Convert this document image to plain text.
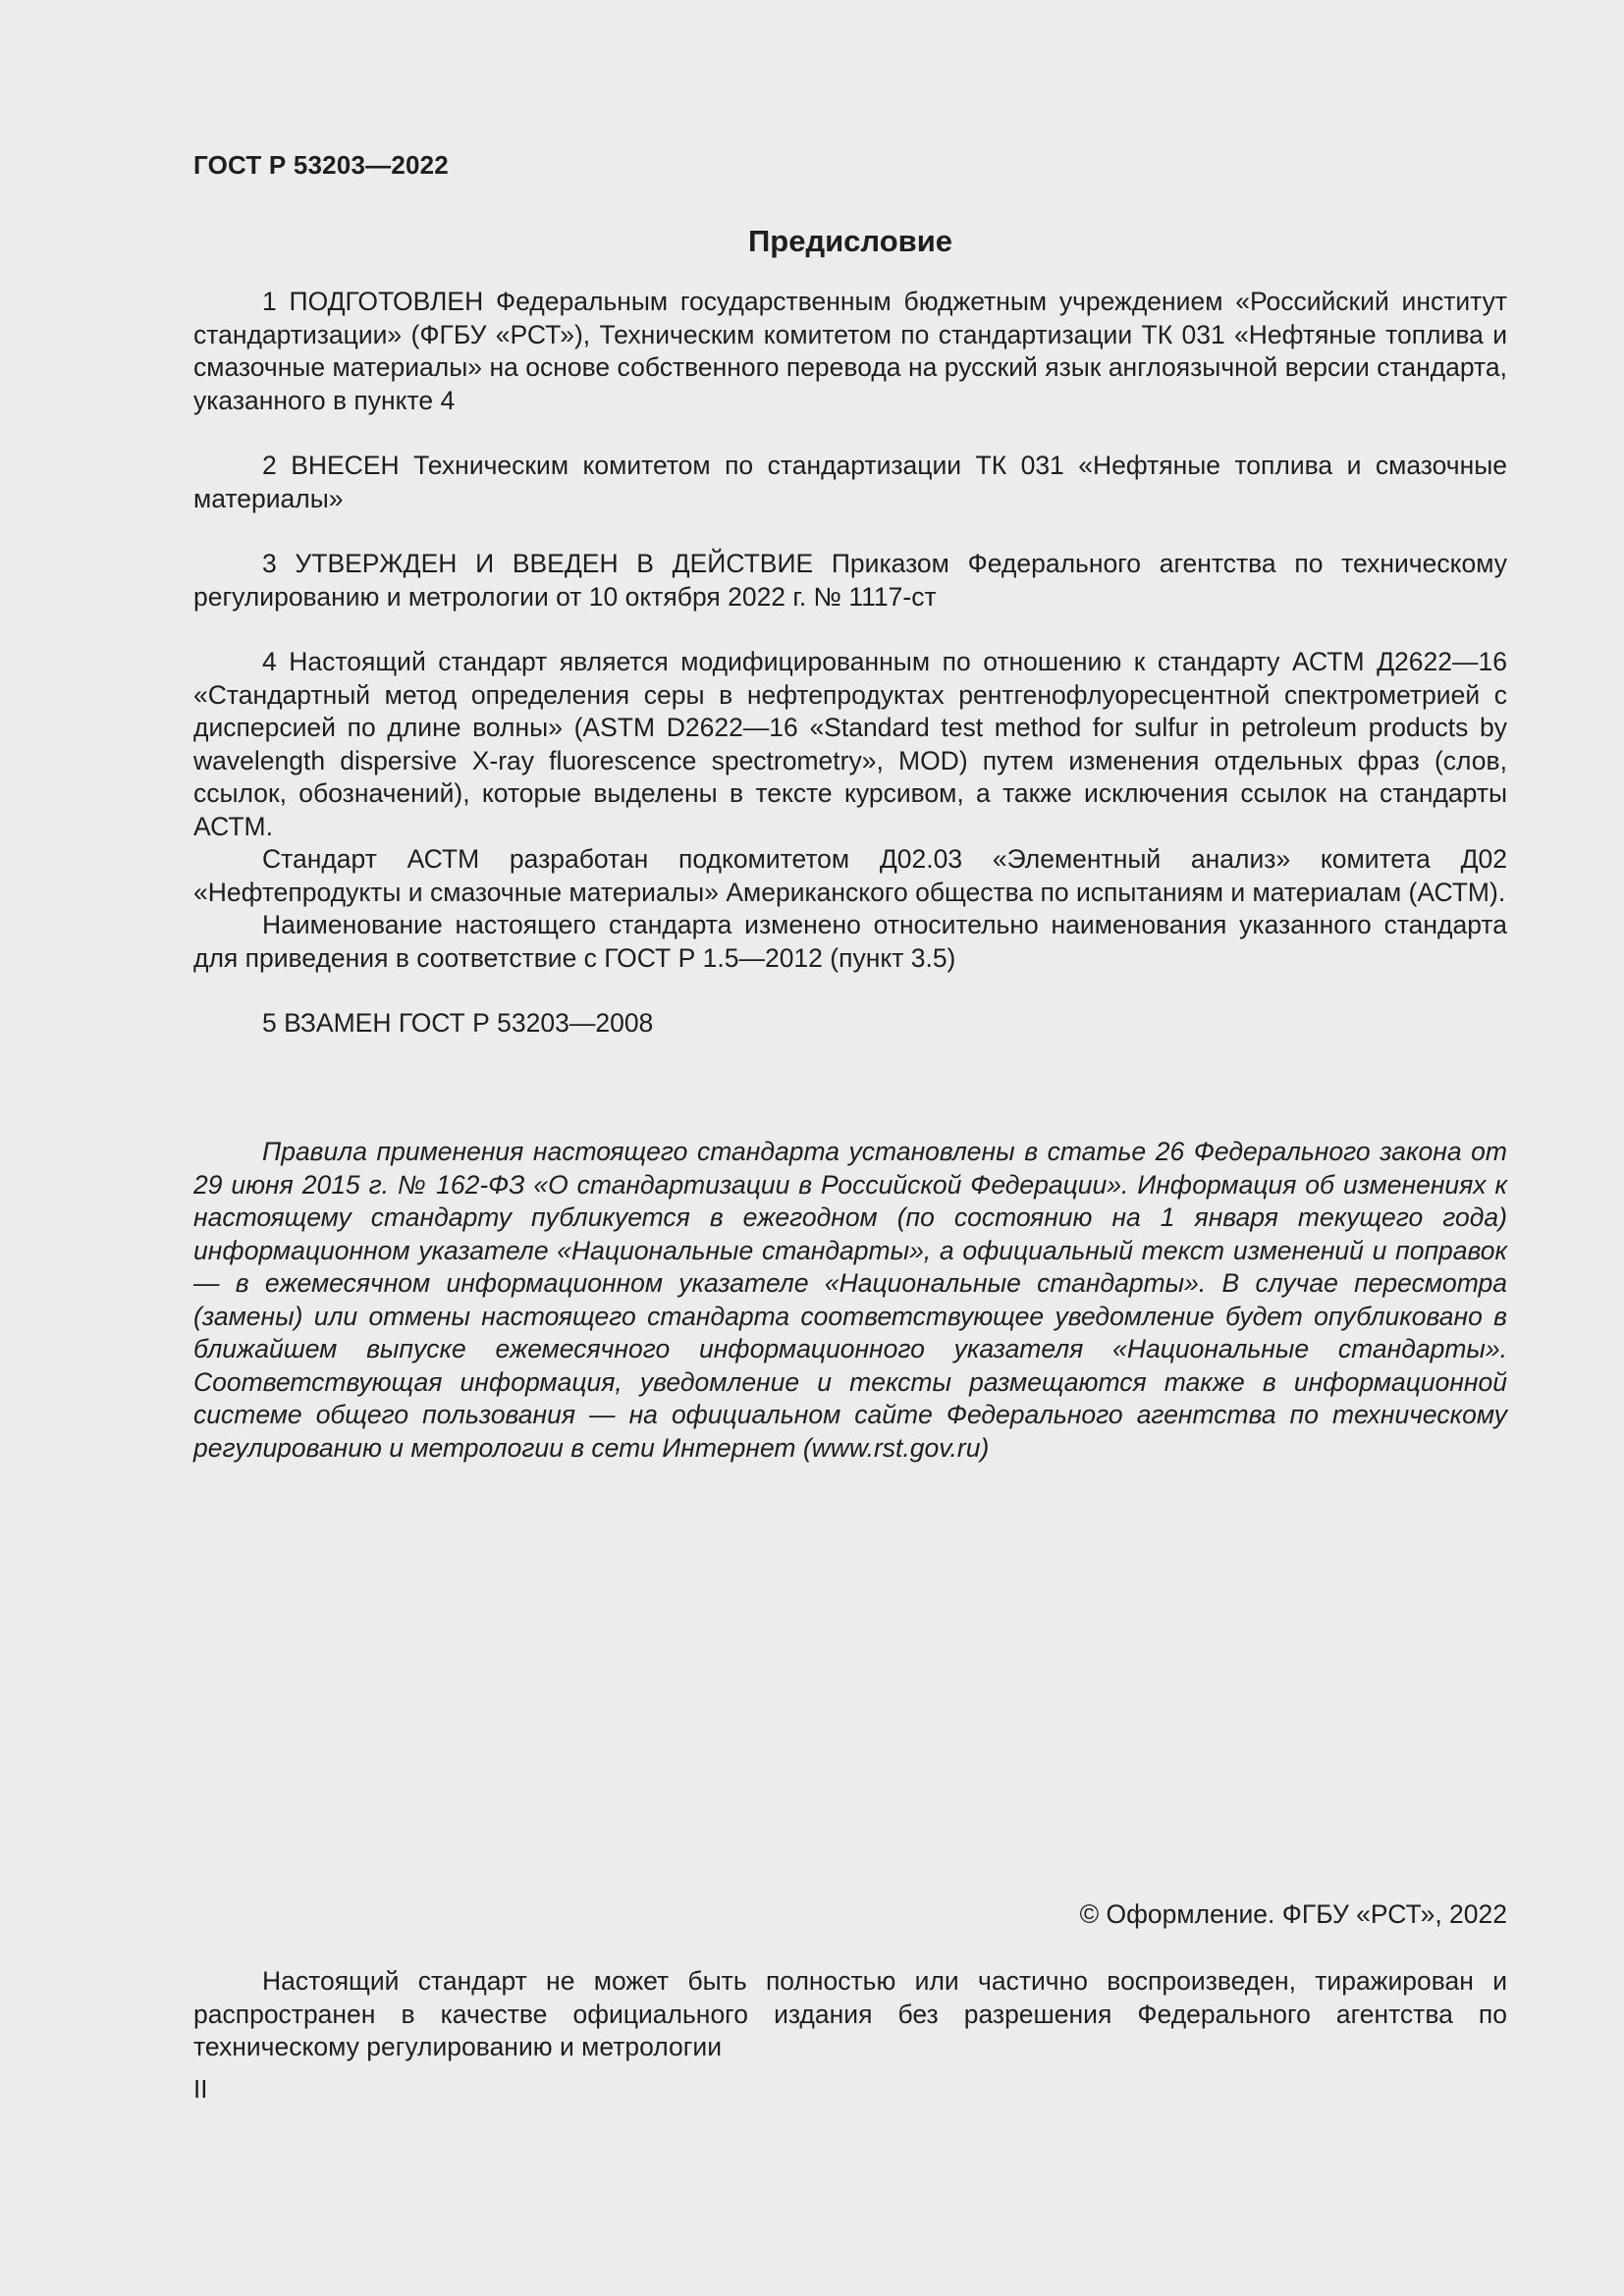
ГОСТ Р 53203—2022
Предисловие

1 ПОДГОТОВЛЕН Федеральным государственным бюджетным учреждением «Российский институт стандартизации» (ФГБУ «РСТ»), Техническим комитетом по стандартизации ТК 031 «Нефтяные топлива и смазочные материалы» на основе собственного перевода на русский язык англоязычной версии стандарта, указанного в пункте 4

2 ВНЕСЕН Техническим комитетом по стандартизации ТК 031 «Нефтяные топлива и смазочные материалы»

3 УТВЕРЖДЕН И ВВЕДЕН В ДЕЙСТВИЕ Приказом Федерального агентства по техническому регулированию и метрологии от 10 октября 2022 г. № 1117-ст

4 Настоящий стандарт является модифицированным по отношению к стандарту АСТМ Д2622—16 «Стандартный метод определения серы в нефтепродуктах рентгенофлуоресцентной спектрометрией с дисперсией по длине волны» (ASTM D2622—16 «Standard test method for sulfur in petroleum products by wavelength dispersive X-ray fluorescence spectrometry», MOD) путем изменения отдельных фраз (слов, ссылок, обозначений), которые выделены в тексте курсивом, а также исключения ссылок на стандарты АСТМ.

Стандарт АСТМ разработан подкомитетом Д02.03 «Элементный анализ» комитета Д02 «Нефтепродукты и смазочные материалы» Американского общества по испытаниям и материалам (АСТМ).

Наименование настоящего стандарта изменено относительно наименования указанного стандарта для приведения в соответствие с ГОСТ Р 1.5—2012 (пункт 3.5)

5 ВЗАМЕН ГОСТ Р 53203—2008

Правила применения настоящего стандарта установлены в статье 26 Федерального закона от 29 июня 2015 г. № 162-ФЗ «О стандартизации в Российской Федерации». Информация об изменениях к настоящему стандарту публикуется в ежегодном (по состоянию на 1 января текущего года) информационном указателе «Национальные стандарты», а официальный текст изменений и поправок — в ежемесячном информационном указателе «Национальные стандарты». В случае пересмотра (замены) или отмены настоящего стандарта соответствующее уведомление будет опубликовано в ближайшем выпуске ежемесячного информационного указателя «Национальные стандарты». Соответствующая информация, уведомление и тексты размещаются также в информационной системе общего пользования — на официальном сайте Федерального агентства по техническому регулированию и метрологии в сети Интернет (www.rst.gov.ru)

© Оформление. ФГБУ «РСТ», 2022

Настоящий стандарт не может быть полностью или частично воспроизведен, тиражирован и распространен в качестве официального издания без разрешения Федерального агентства по техническому регулированию и метрологии

II
